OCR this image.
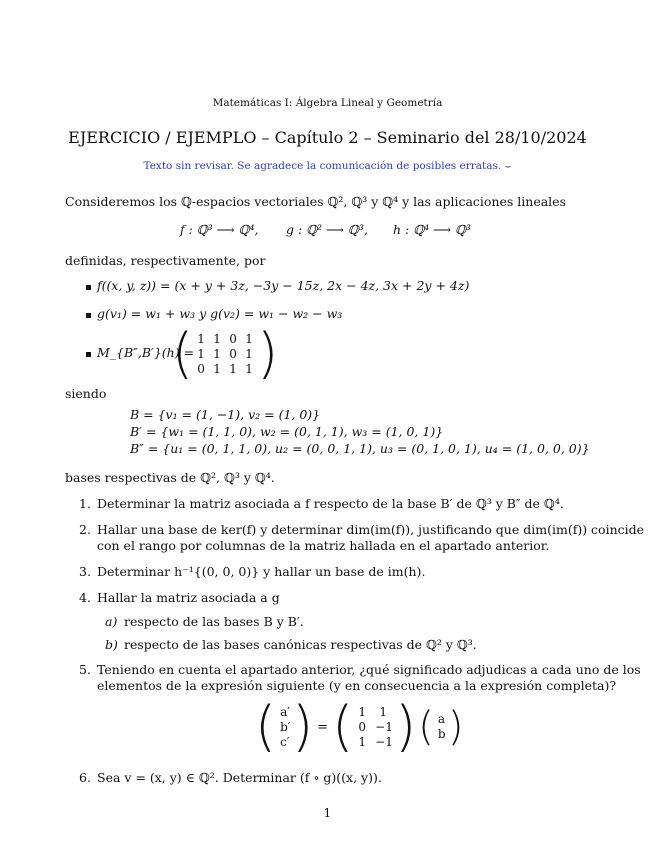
Matemáticas I: Álgebra Lineal y Geometría
EJERCICIO / EJEMPLO – Capítulo 2 – Seminario del 28/10/2024
Texto sin revisar. Se agradece la comunicación de posibles erratas. ⌣
Consideremos los ℚ-espacios vectoriales ℚ², ℚ³ y ℚ⁴ y las aplicaciones lineales
f : ℚ³ ⟶ ℚ⁴, g : ℚ² ⟶ ℚ³, h : ℚ⁴ ⟶ ℚ³
definidas, respectivamente, por
f((x, y, z)) = (x + y + 3z, −3y − 15z, 2x − 4z, 3x + 2y + 4z)
g(v₁) = w₁ + w₃ y g(v₂) = w₁ − w₂ − w₃
M_{B″,B′}(h) =
( 1 1 0 1
1 1 0 1
0 1 1 1 )
siendo
B = {v₁ = (1, −1), v₂ = (1, 0)}
B′ = {w₁ = (1, 1, 0), w₂ = (0, 1, 1), w₃ = (1, 0, 1)}
B″ = {u₁ = (0, 1, 1, 0), u₂ = (0, 0, 1, 1), u₃ = (0, 1, 0, 1), u₄ = (1, 0, 0, 0)}
bases respectivas de ℚ², ℚ³ y ℚ⁴.
1. Determinar la matriz asociada a f respecto de la base B′ de ℚ³ y B″ de ℚ⁴.
2. Hallar una base de ker(f) y determinar dim(im(f)), justificando que dim(im(f)) coincide
con el rango por columnas de la matriz hallada en el apartado anterior.
3. Determinar h⁻¹{(0, 0, 0)} y hallar un base de im(h).
4. Hallar la matriz asociada a g
a) respecto de las bases B y B′.
b) respecto de las bases canónicas respectivas de ℚ² y ℚ³.
5. Teniendo en cuenta el apartado anterior, ¿qué significado adjudicas a cada uno de los
elementos de la expresión siguiente (y en consecuencia a la expresión completa)?
( a′
b′
c′ ) = ( 1	1
0 −1
1 −1 ) ( a
b )
6. Sea v = (x, y) ∈ ℚ². Determinar (f ∘ g)((x, y)).
1
